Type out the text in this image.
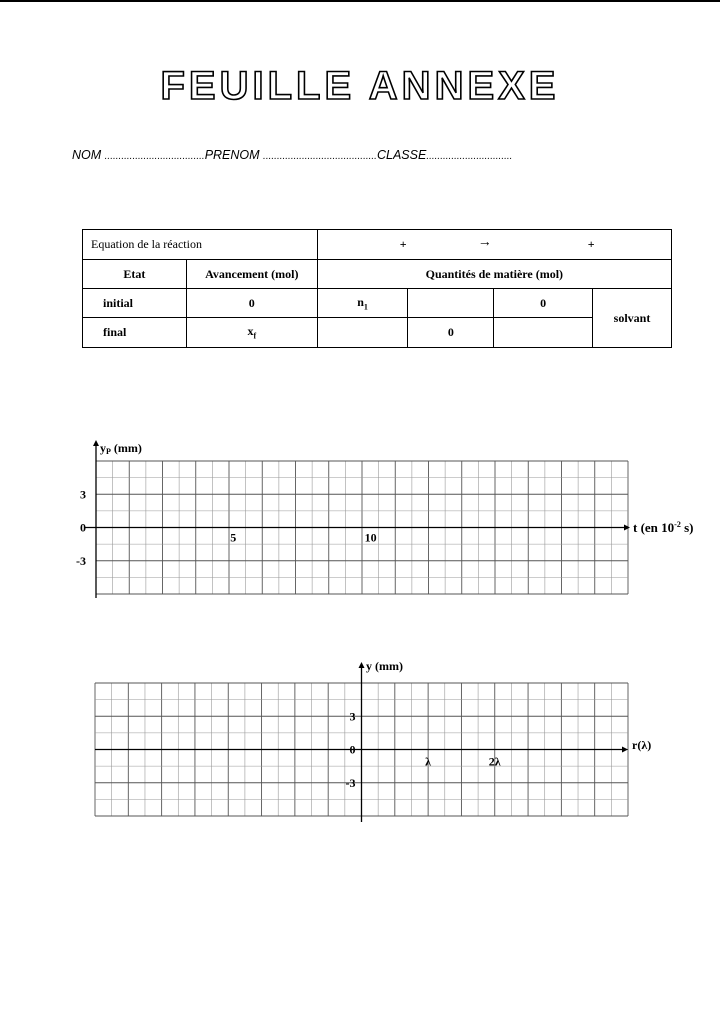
FEUILLE ANNEXE
NOM ....................................PRENOM .........................................CLASSE...............................
Equation de la réaction		+ → +			

Etat	Avancement (mol)	Quantités de matière (mol)			
initial	0	$n_1$		0	solvant
final	$x_f$		0		
yP (mm)
t (en $10^{-2}$ s)
3
0
-3
5	10
y (mm)
r(λ)
3
0
-3
λ	2λ
